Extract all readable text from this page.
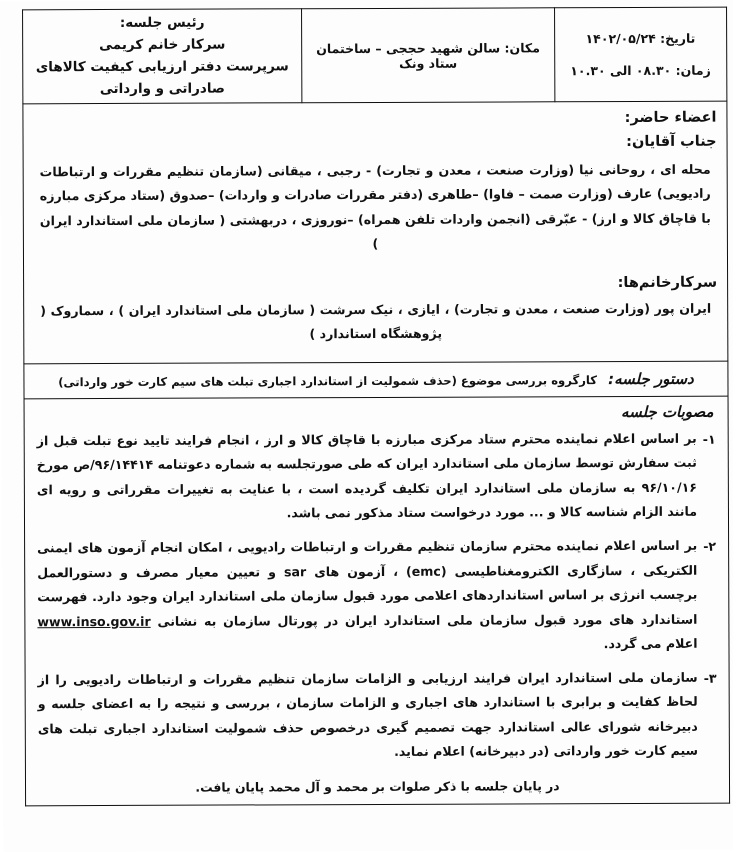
تاریخ: ۱۴۰۲/۰۵/۲۴
زمان: ۰۸.۳۰ الی ۱۰.۳۰
	مکان: سالن شهید حججی – ساختمان ستاد ونک	
رئیس جلسه:
سرکار خانم کریمی
سرپرست دفتر ارزیابی کیفیت کالاهای صادراتی و وارداتی
اعضاء حاضر:
جناب آقایان:
محله ای ، روحانی نیا (وزارت صنعت ، معدن و تجارت) - رجبی ، میقانی (سازمان تنظیم مقررات و ارتباطات رادیویی) عارف (وزارت صمت – فاوا) –طاهری (دفتر مقررات صادرات و واردات) –صدوق (ستاد مرکزی مبارزه با قاچاق کالا و ارز) - عبّرقی (انجمن واردات تلفن همراه) –نوروزی ، دربهشتی ( سازمان ملی استاندارد ایران )
سرکارخانم‌ها:
ایران پور (وزارت صنعت ، معدن و تجارت) ، ایازی ، نیک سرشت ( سازمان ملی استاندارد ایران ) ، سماروک ( پژوهشگاه استاندارد )
دستور جلسه: کارگروه بررسی موضوع (حذف شمولیت از استاندارد اجباری تبلت های سیم کارت خور وارداتی)
مصوبات جلسه
۱-
بر اساس اعلام نماینده محترم ستاد مرکزی مبارزه با قاچاق کالا و ارز ، انجام فرایند تایید نوع تبلت قبل از ثبت سفارش توسط سازمان ملی استاندارد ایران که طی صورتجلسه به شماره دعوتنامه ۹۶/۱۴۴۱۴/ص مورخ ۹۶/۱۰/۱۶ به سازمان ملی استاندارد ایران تکلیف گردیده است ، با عنایت به تغییرات مقرراتی و رویه ای مانند الزام شناسه کالا و ... مورد درخواست ستاد مذکور نمی باشد.
۲-
بر اساس اعلام نماینده محترم سازمان تنظیم مقررات و ارتباطات رادیویی ، امکان انجام آزمون های ایمنی الکتریکی ، سازگاری الکترومغناطیسی (emc) ، آزمون های sar و تعیین معیار مصرف و دستورالعمل برچسب انرژی بر اساس استانداردهای اعلامی مورد قبول سازمان ملی استاندارد ایران وجود دارد. فهرست استاندارد های مورد قبول سازمان ملی استاندارد ایران در پورتال سازمان به نشانی www.inso.gov.ir اعلام می گردد.
۳-
سازمان ملی استاندارد ایران فرایند ارزیابی و الزامات سازمان تنظیم مقررات و ارتباطات رادیویی را از لحاظ کفایت و برابری با استاندارد های اجباری و الزامات سازمان ، بررسی و نتیجه را به اعضای جلسه و دبیرخانه شورای عالی استاندارد جهت تصمیم گیری درخصوص حذف شمولیت استاندارد اجباری تبلت های سیم کارت خور وارداتی (در دبیرخانه) اعلام نماید.
در پایان جلسه با ذکر صلوات بر محمد و آل محمد پایان یافت.
